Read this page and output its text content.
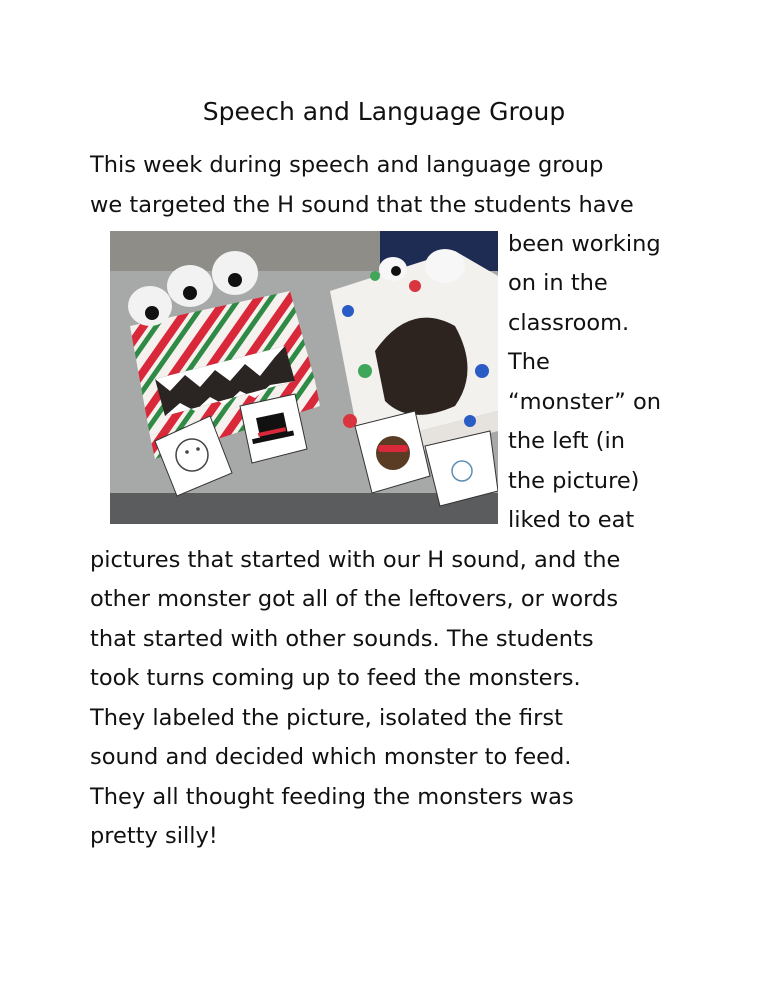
Speech and Language Group

This week during speech and language group

we targeted the H sound that the students have

been working

on in the

classroom.

The

“monster” on

the left (in

the picture)

liked to eat

pictures that started with our H sound, and the

other monster got all of the leftovers, or words

that started with other sounds. The students

took turns coming up to feed the monsters.

They labeled the picture, isolated the first

sound and decided which monster to feed.

They all thought feeding the monsters was

pretty silly!
